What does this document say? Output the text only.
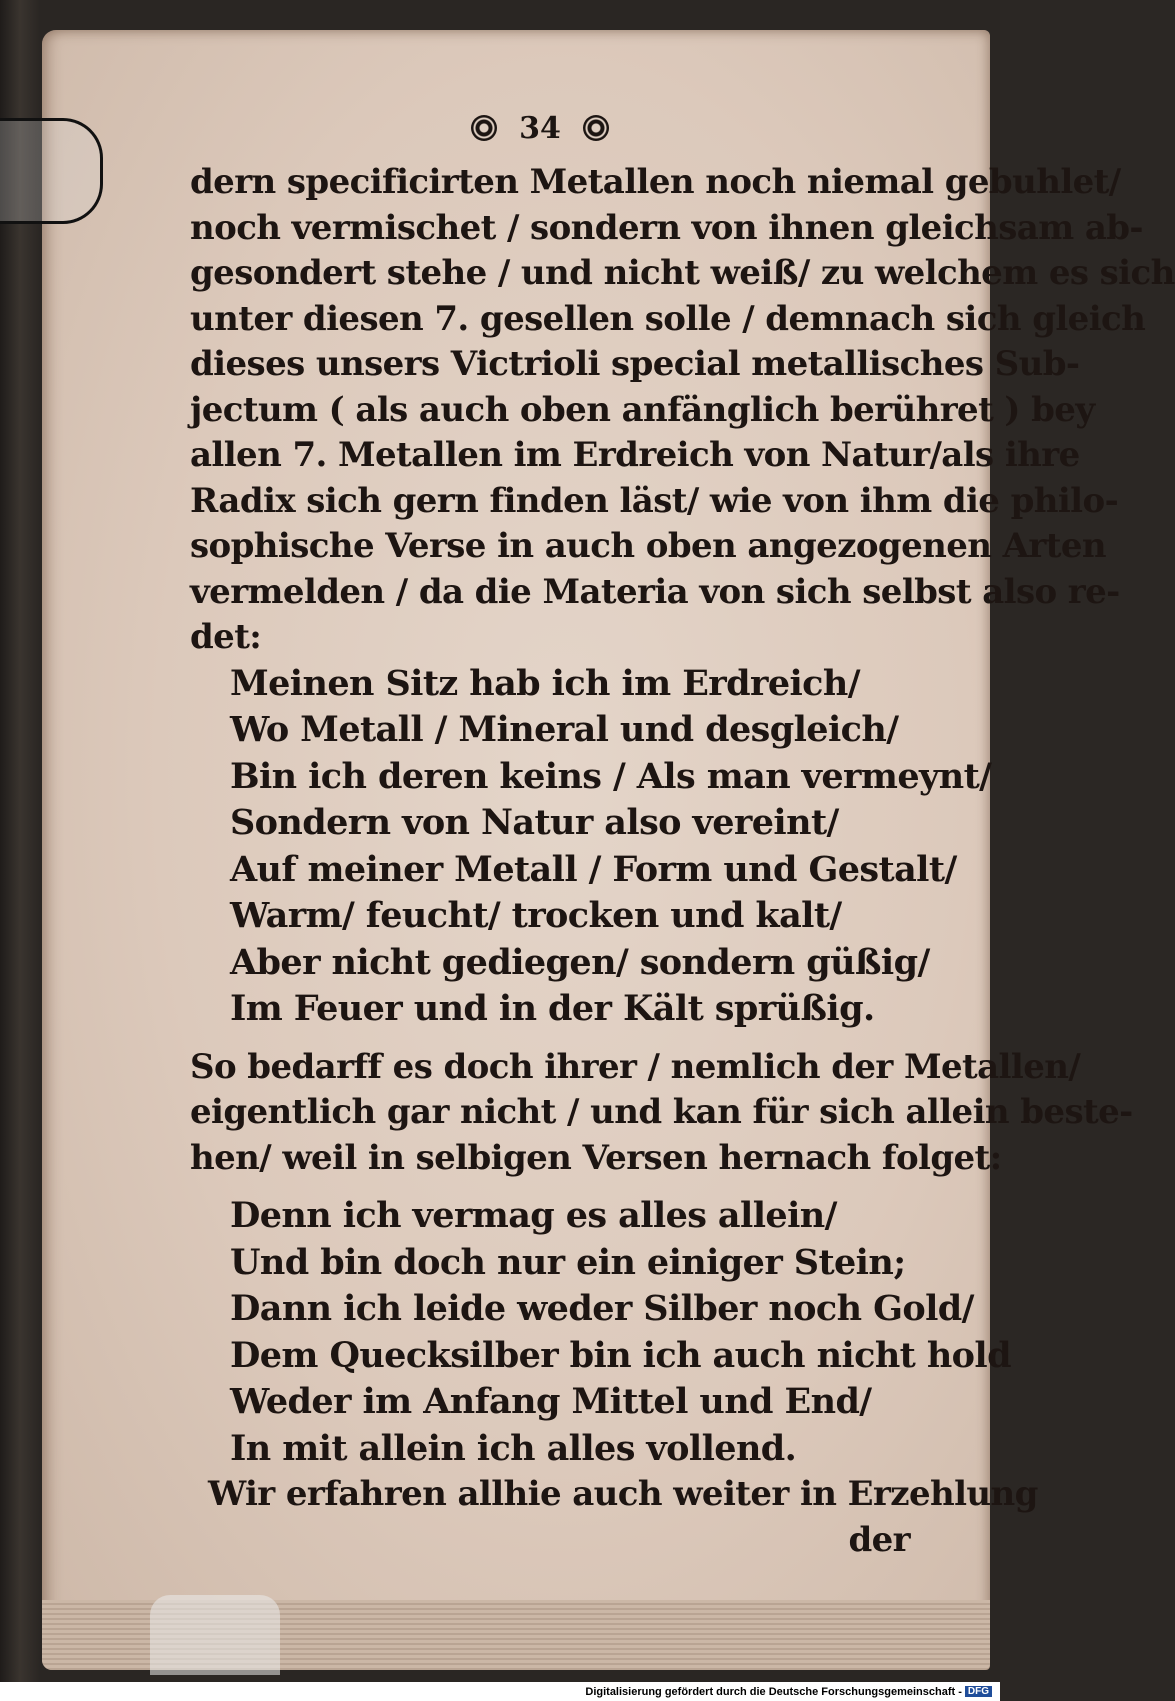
34
dern specificirten Metallen noch niemal gebuhlet/
noch vermischet / sondern von ihnen gleichsam ab-
gesondert stehe / und nicht weiß/ zu welchem es sich
unter diesen 7. gesellen solle / demnach sich gleich
dieses unsers Victrioli special metallisches Sub-
jectum ( als auch oben anfänglich berühret ) bey
allen 7. Metallen im Erdreich von Natur/als ihre
Radix sich gern finden läst/ wie von ihm die philo-
sophische Verse in auch oben angezogenen Arten
vermelden / da die Materia von sich selbst also re-
det:
Meinen Sitz hab ich im Erdreich/
Wo Metall / Mineral und desgleich/
Bin ich deren keins / Als man vermeynt/
Sondern von Natur also vereint/
Auf meiner Metall / Form und Gestalt/
Warm/ feucht/ trocken und kalt/
Aber nicht gediegen/ sondern güßig/
Im Feuer und in der Kält sprüßig.
So bedarff es doch ihrer / nemlich der Metallen/
eigentlich gar nicht / und kan für sich allein beste-
hen/ weil in selbigen Versen hernach folget:
Denn ich vermag es alles allein/
Und bin doch nur ein einiger Stein;
Dann ich leide weder Silber noch Gold/
Dem Quecksilber bin ich auch nicht hold
Weder im Anfang Mittel und End/
In mit allein ich alles vollend.
Wir erfahren allhie auch weiter in Erzehlung
der
Digitalisierung gefördert durch die Deutsche Forschungsgemeinschaft - DFG
